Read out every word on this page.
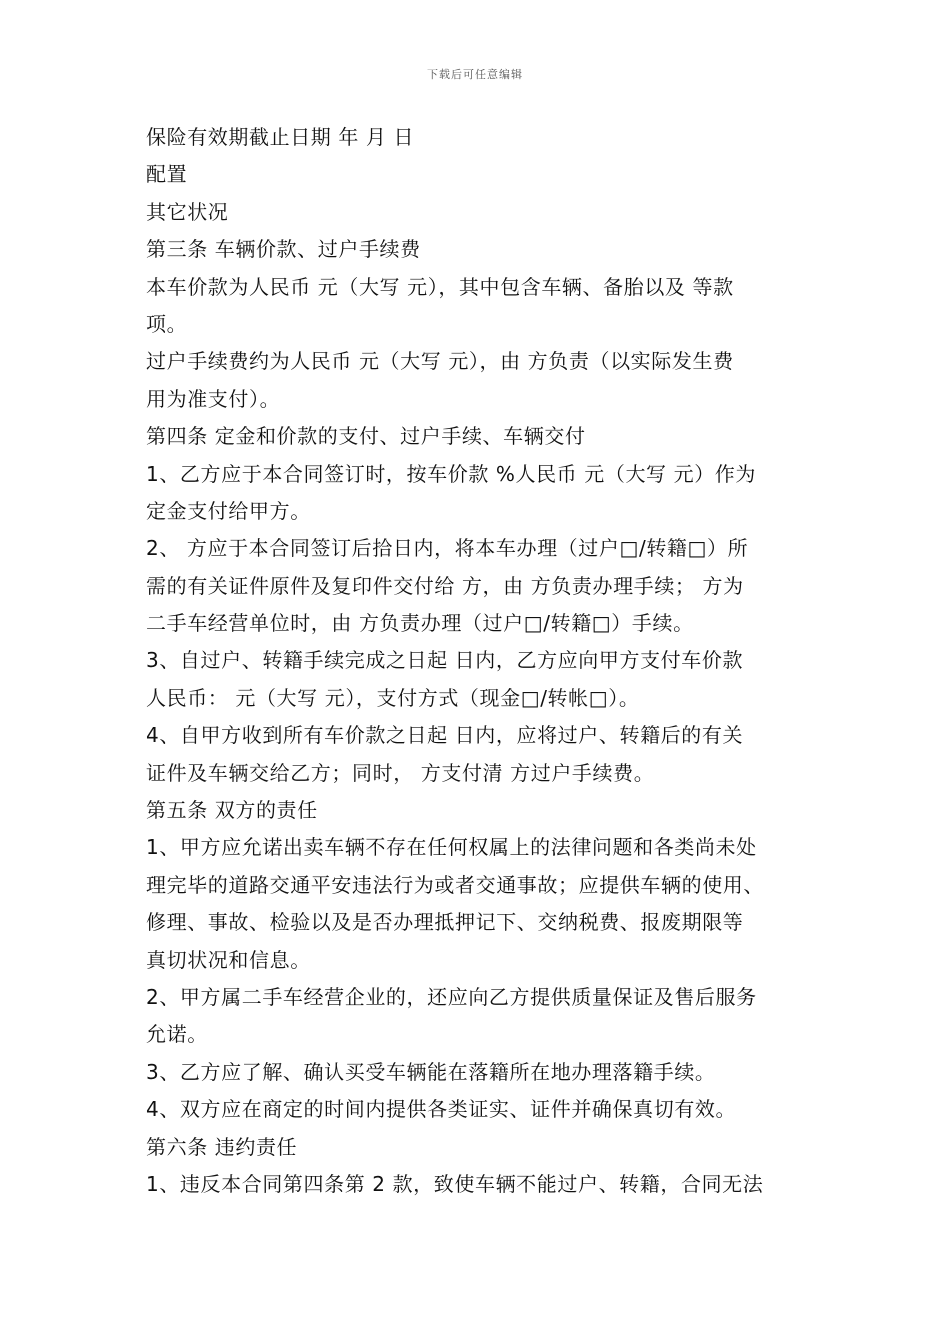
下载后可任意编辑
保险有效期截止日期 年 月 日
配置
其它状况
第三条 车辆价款、过户手续费
本车价款为人民币 元（大写 元），其中包含车辆、备胎以及 等款
项。
过户手续费约为人民币 元（大写 元），由 方负责（以实际发生费
用为准支付）。
第四条 定金和价款的支付、过户手续、车辆交付
1、乙方应于本合同签订时，按车价款 %人民币 元（大写 元）作为
定金支付给甲方。
2、 方应于本合同签订后拾日内，将本车办理（过户□/转籍□）所
需的有关证件原件及复印件交付给 方，由 方负责办理手续； 方为
二手车经营单位时，由 方负责办理（过户□/转籍□）手续。
3、自过户、转籍手续完成之日起 日内，乙方应向甲方支付车价款
人民币： 元（大写 元），支付方式（现金□/转帐□）。
4、自甲方收到所有车价款之日起 日内，应将过户、转籍后的有关
证件及车辆交给乙方；同时， 方支付清 方过户手续费。
第五条 双方的责任
1、甲方应允诺出卖车辆不存在任何权属上的法律问题和各类尚未处
理完毕的道路交通平安违法行为或者交通事故；应提供车辆的使用、
修理、事故、检验以及是否办理抵押记下、交纳税费、报废期限等
真切状况和信息。
2、甲方属二手车经营企业的，还应向乙方提供质量保证及售后服务
允诺。
3、乙方应了解、确认买受车辆能在落籍所在地办理落籍手续。
4、双方应在商定的时间内提供各类证实、证件并确保真切有效。
第六条 违约责任
1、违反本合同第四条第 2 款，致使车辆不能过户、转籍，合同无法
